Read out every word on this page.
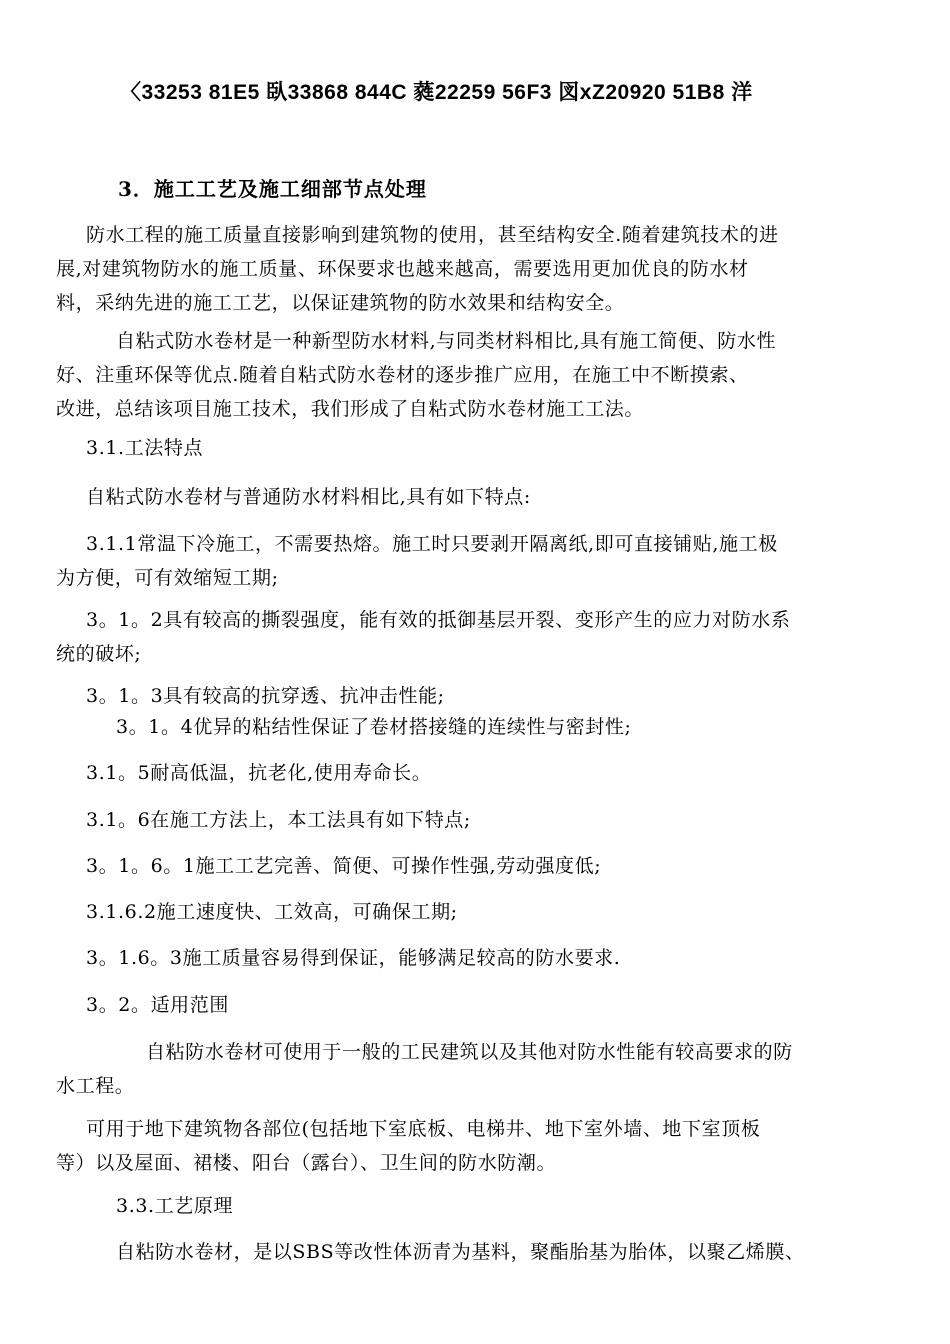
〈33253 81E5 臥33868 844C 蕤22259 56F3 図xZ20920 51B8 洋
3．施工工艺及施工细部节点处理
防水工程的施工质量直接影响到建筑物的使用，甚至结构安全.随着建筑技术的进
展,对建筑物防水的施工质量、环保要求也越来越高，需要选用更加优良的防水材
料，采纳先进的施工工艺，以保证建筑物的防水效果和结构安全。
自粘式防水卷材是一种新型防水材料,与同类材料相比,具有施工简便、防水性
好、注重环保等优点.随着自粘式防水卷材的逐步推广应用，在施工中不断摸索、
改进，总结该项目施工技术，我们形成了自粘式防水卷材施工工法。
3.1.工法特点
自粘式防水卷材与普通防水材料相比,具有如下特点:
3.1.1常温下冷施工，不需要热熔。施工时只要剥开隔离纸,即可直接铺贴,施工极
为方便，可有效缩短工期;
3。1。2具有较高的撕裂强度，能有效的抵御基层开裂、变形产生的应力对防水系
统的破坏;
3。1。3具有较高的抗穿透、抗冲击性能;
3。1。4优异的粘结性保证了卷材搭接缝的连续性与密封性;
3.1。5耐高低温，抗老化,使用寿命长。
3.1。6在施工方法上，本工法具有如下特点;
3。1。6。1施工工艺完善、简便、可操作性强,劳动强度低;
3.1.6.2施工速度快、工效高，可确保工期;
3。1.6。3施工质量容易得到保证，能够满足较高的防水要求.
3。2。适用范围
自粘防水卷材可使用于一般的工民建筑以及其他对防水性能有较高要求的防
水工程。
可用于地下建筑物各部位(包括地下室底板、电梯井、地下室外墙、地下室顶板
等）以及屋面、裙楼、阳台（露台）、卫生间的防水防潮。
3.3.工艺原理
自粘防水卷材，是以SBS等改性体沥青为基料，聚酯胎基为胎体，以聚乙烯膜、
